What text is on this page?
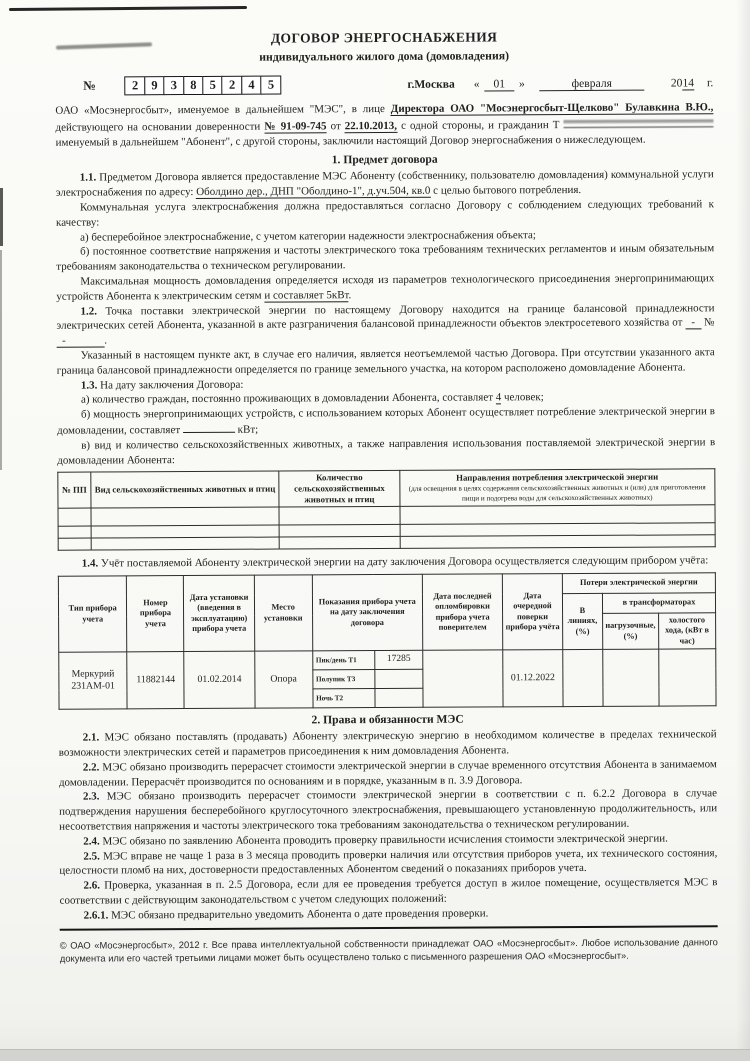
ДОГОВОР ЭНЕРГОСНАБЖЕНИЯ
индивидуального жилого дома (домовладения)
№	2	9	3	8	5	2	4	5	г.Москва « 01 »	февраля	2014 г.

ОАО «Мосэнергосбыт», именуемое в дальнейшем "МЭС", в лице Директора ОАО "Мосэнергосбыт-Щелково" Булавкина В.Ю., действующего на основании доверенности № 91-09-745 от 22.10.2013, с одной стороны, и гражданин Т  именуемый в дальнейшем "Абонент", с другой стороны, заключили настоящий Договор энергоснабжения о нижеследующем.

1. Предмет договора

1.1. Предметом Договора является предоставление МЭС Абоненту (собственнику, пользователю домовладения) коммунальной услуги электроснабжения по адресу: Оболдино дер., ДНП "Оболдино-1", д.уч.504, кв.0 с целью бытового потребления.

Коммунальная услуга электроснабжения должна предоставляться согласно Договору с соблюдением следующих требований к качеству:

а) бесперебойное электроснабжение, с учетом категории надежности электроснабжения объекта;

б) постоянное соответствие напряжения и частоты электрического тока требованиям технических регламентов и иным обязательным требованиям законодательства о техническом регулировании.

Максимальная мощность домовладения определяется исходя из параметров технологического присоединения энергопринимающих устройств Абонента к электрическим сетям и составляет 5кВт.

1.2. Точка поставки электрической энергии по настоящему Договору находится на границе балансовой принадлежности электрических сетей Абонента, указанной в акте разграничения балансовой принадлежности объектов электросетевого хозяйства от   -   №   -              .

Указанный в настоящем пункте акт, в случае его наличия, является неотъемлемой частью Договора. При отсутствии указанного акта граница балансовой принадлежности определяется по границе земельного участка, на котором расположено домовладение Абонента.

1.3. На дату заключения Договора:

а) количество граждан, постоянно проживающих в домовладении Абонента, составляет 4 человек;

б) мощность энергопринимающих устройств, с использованием которых Абонент осуществляет потребление электрической энергии в домовладении, составляет	кВт;

в) вид и количество сельскохозяйственных животных, а также направления использования поставляемой электрической энергии в домовладении Абонента:

№ ПП	Вид сельскохозяйственных животных и птиц	Количество сельскохозяйственных животных и птиц	Направления потребления электрической энергии
(для освещения в целях содержания сельскохозяйственных животных и (или) для приготовления пищи и подогрева воды для сельскохозяйственных животных)

1.4. Учёт поставляемой Абоненту электрической энергии на дату заключения Договора осуществляется следующим прибором учёта:

Тип прибора учета	Номер прибора учета	Дата установки (введения в эксплуатацию) прибора учета	Место установки	Показания прибора учета на дату заключения договора		Дата последней опломбировки прибора учета поверителем	Дата очередной поверки прибора учёта	Потери электрической энергии		
								В линиях, (%)	в трансформаторах	
									нагрузочные, (%)	холостого хода, (кВт в час)
Меркурий 231АМ-01	11882144	01.02.2014	Опора	Пик/день Т1	17285		01.12.2022			
				Полупик Т3						
				Ночь Т2						
2. Права и обязанности МЭС

2.1. МЭС обязано поставлять (продавать) Абоненту электрическую энергию в необходимом количестве в пределах технической возможности электрических сетей и параметров присоединения к ним домовладения Абонента.

2.2. МЭС обязано производить перерасчет стоимости электрической энергии в случае временного отсутствия Абонента в занимаемом домовладении. Перерасчёт производится по основаниям и в порядке, указанным в п. 3.9 Договора.

2.3. МЭС обязано производить перерасчет стоимости электрической энергии в соответствии с п. 6.2.2 Договора в случае подтверждения нарушения бесперебойного круглосуточного электроснабжения, превышающего установленную продолжительность, или несоответствия напряжения и частоты электрического тока требованиям законодательства о техническом регулировании.

2.4. МЭС обязано по заявлению Абонента проводить проверку правильности исчисления стоимости электрической энергии.

2.5. МЭС вправе не чаще 1 раза в 3 месяца проводить проверки наличия или отсутствия приборов учета, их технического состояния, целостности пломб на них, достоверности предоставленных Абонентом сведений о показаниях приборов учета.

2.6. Проверка, указанная в п. 2.5 Договора, если для ее проведения требуется доступ в жилое помещение, осуществляется МЭС в соответствии с действующим законодательством с учетом следующих положений:

2.6.1. МЭС обязано предварительно уведомить Абонента о дате проведения проверки.

© ОАО «Мосэнергосбыт», 2012 г. Все права интеллектуальной собственности принадлежат ОАО «Мосэнергосбыт». Любое использование данного документа или его частей третьими лицами может быть осуществлено только с письменного разрешения ОАО «Мосэнергосбыт».
